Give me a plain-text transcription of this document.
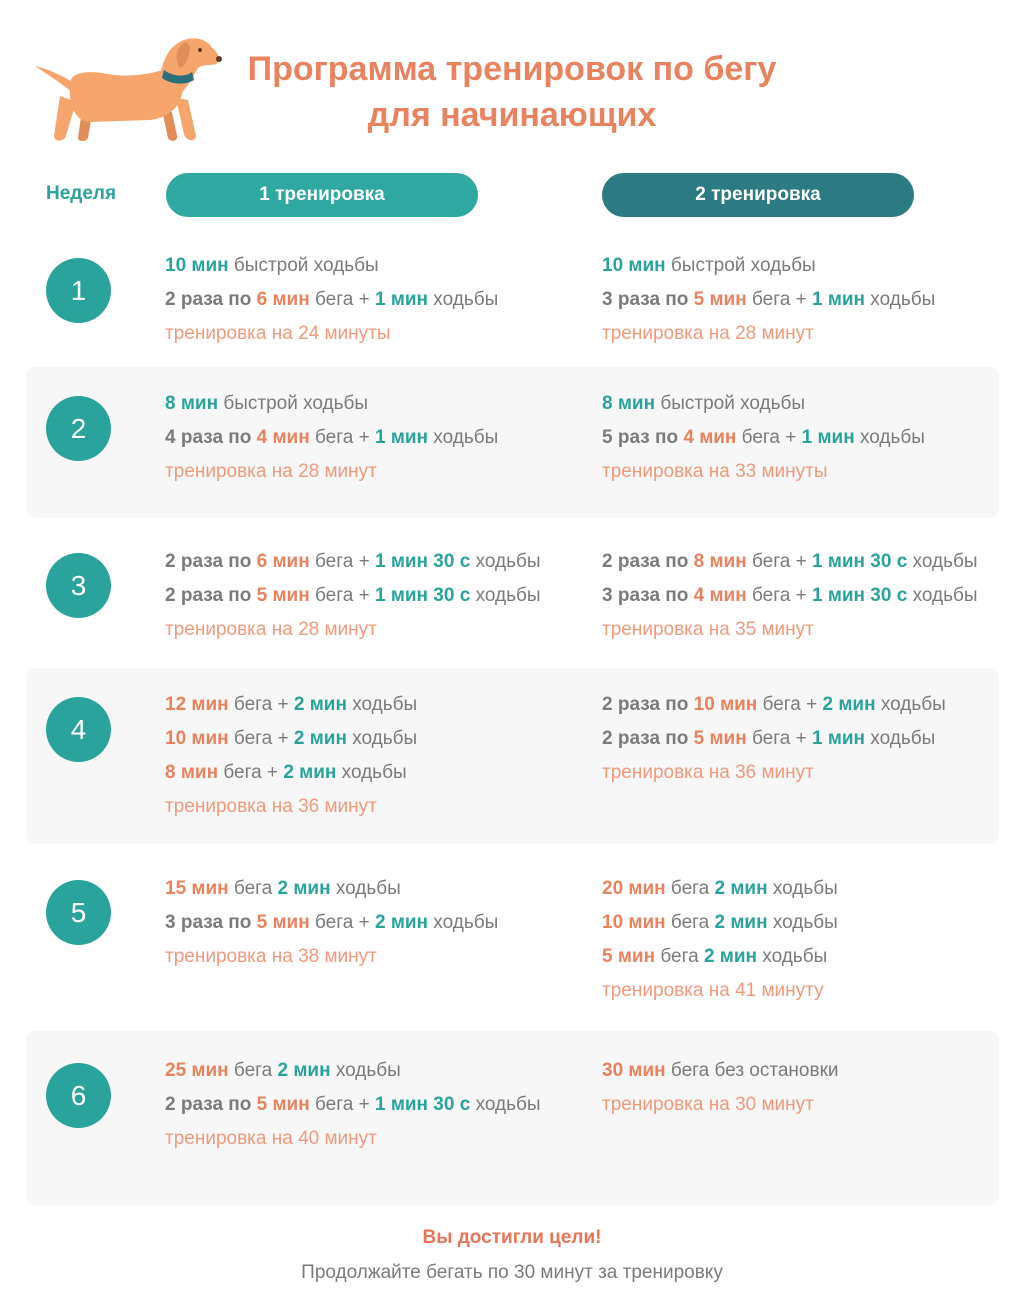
Программа тренировок по бегу
для начинающих
Неделя	1 тренировка	2 тренировка
1
10 мин быстрой ходьбы
2 раза по 6 мин бега + 1 мин ходьбы
тренировка на 24 минуты
10 мин быстрой ходьбы
3 раза по 5 мин бега + 1 мин ходьбы
тренировка на 28 минут
2
8 мин быстрой ходьбы
4 раза по 4 мин бега + 1 мин ходьбы
тренировка на 28 минут
8 мин быстрой ходьбы
5 раз по 4 мин бега + 1 мин ходьбы
тренировка на 33 минуты
3
2 раза по 6 мин бега + 1 мин 30 с ходьбы
2 раза по 5 мин бега + 1 мин 30 с ходьбы
тренировка на 28 минут
2 раза по 8 мин бега + 1 мин 30 с ходьбы
3 раза по 4 мин бега + 1 мин 30 с ходьбы
тренировка на 35 минут
4
12 мин бега + 2 мин ходьбы
10 мин бега + 2 мин ходьбы
8 мин бега + 2 мин ходьбы
тренировка на 36 минут
2 раза по 10 мин бега + 2 мин ходьбы
2 раза по 5 мин бега + 1 мин ходьбы
тренировка на 36 минут
5
15 мин бега 2 мин ходьбы
3 раза по 5 мин бега + 2 мин ходьбы
тренировка на 38 минут
20 мин бега 2 мин ходьбы
10 мин бега 2 мин ходьбы
5 мин бега 2 мин ходьбы
тренировка на 41 минуту
6
25 мин бега 2 мин ходьбы
2 раза по 5 мин бега + 1 мин 30 с ходьбы
тренировка на 40 минут
30 мин бега без остановки
тренировка на 30 минут
Вы достигли цели!
Продолжайте бегать по 30 минут за тренировку
